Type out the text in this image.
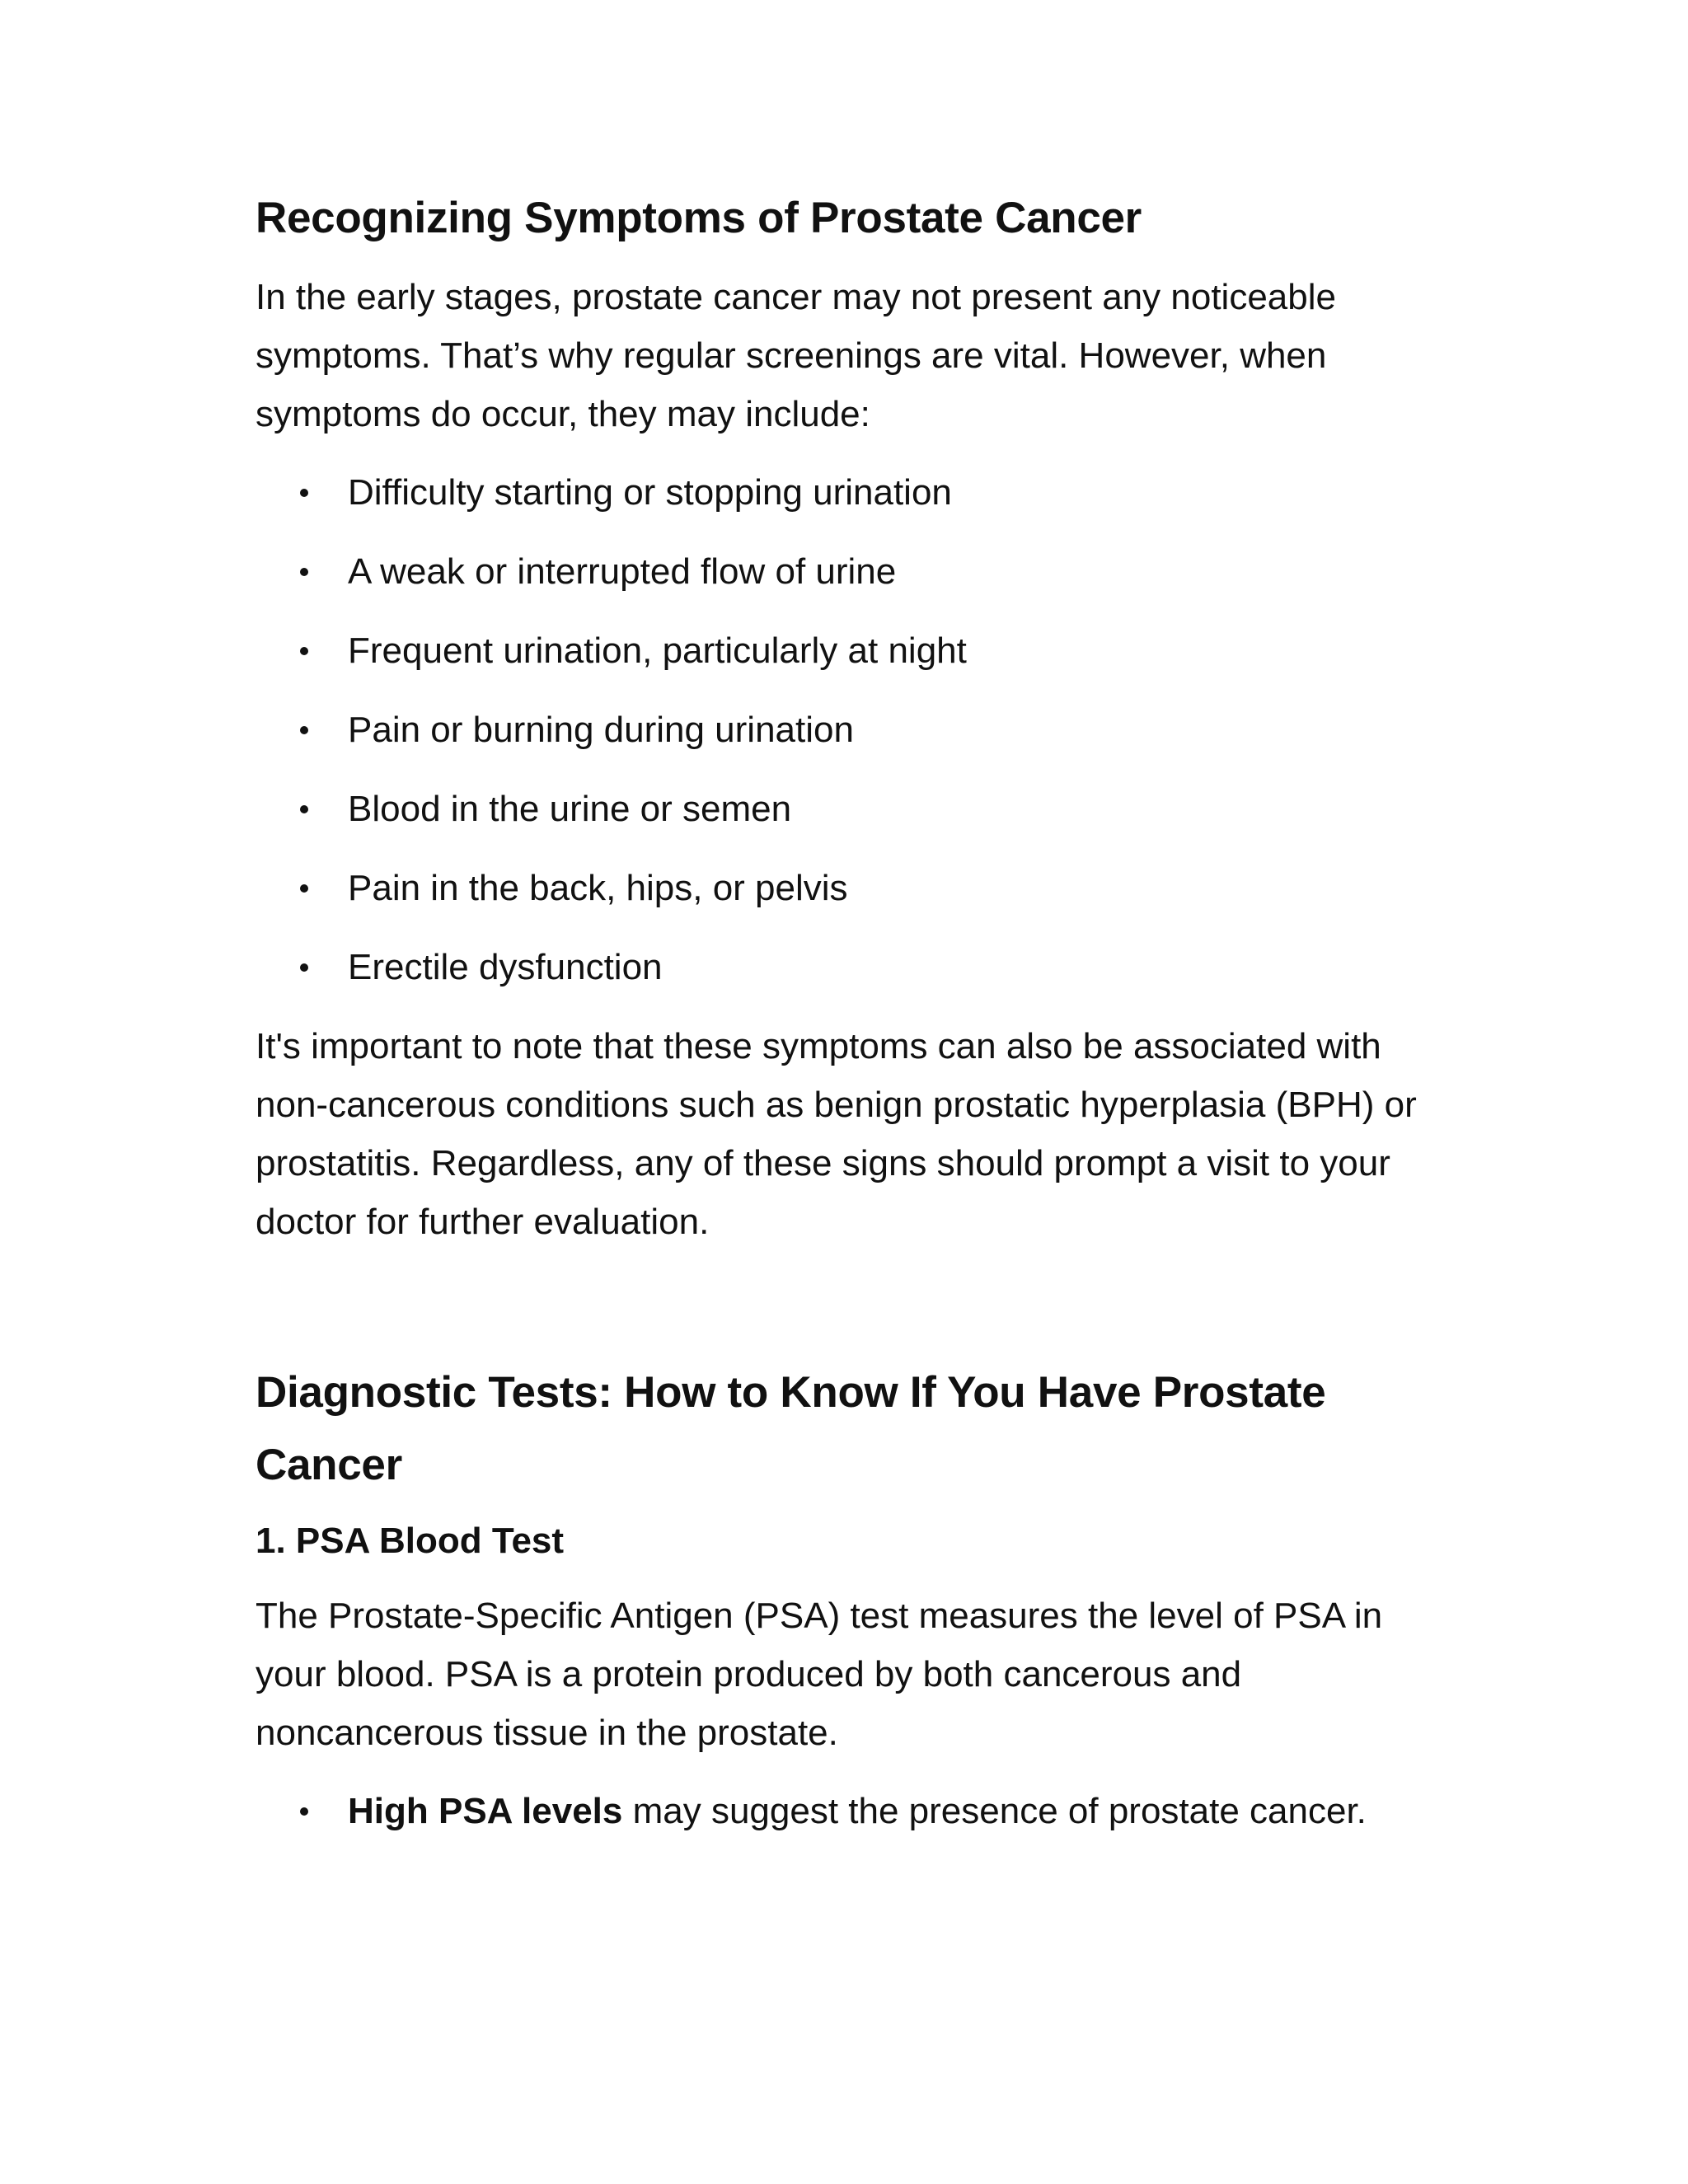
Recognizing Symptoms of Prostate Cancer

In the early stages, prostate cancer may not present any noticeable symptoms. That’s why regular screenings are vital. However, when symptoms do occur, they may include:

Difficulty starting or stopping urination
A weak or interrupted flow of urine
Frequent urination, particularly at night
Pain or burning during urination
Blood in the urine or semen
Pain in the back, hips, or pelvis
Erectile dysfunction

It's important to note that these symptoms can also be associated with non-cancerous conditions such as benign prostatic hyperplasia (BPH) or prostatitis. Regardless, any of these signs should prompt a visit to your doctor for further evaluation.

Diagnostic Tests: How to Know If You Have Prostate Cancer
1. PSA Blood Test

The Prostate-Specific Antigen (PSA) test measures the level of PSA in your blood. PSA is a protein produced by both cancerous and noncancerous tissue in the prostate.

High PSA levels may suggest the presence of prostate cancer.
